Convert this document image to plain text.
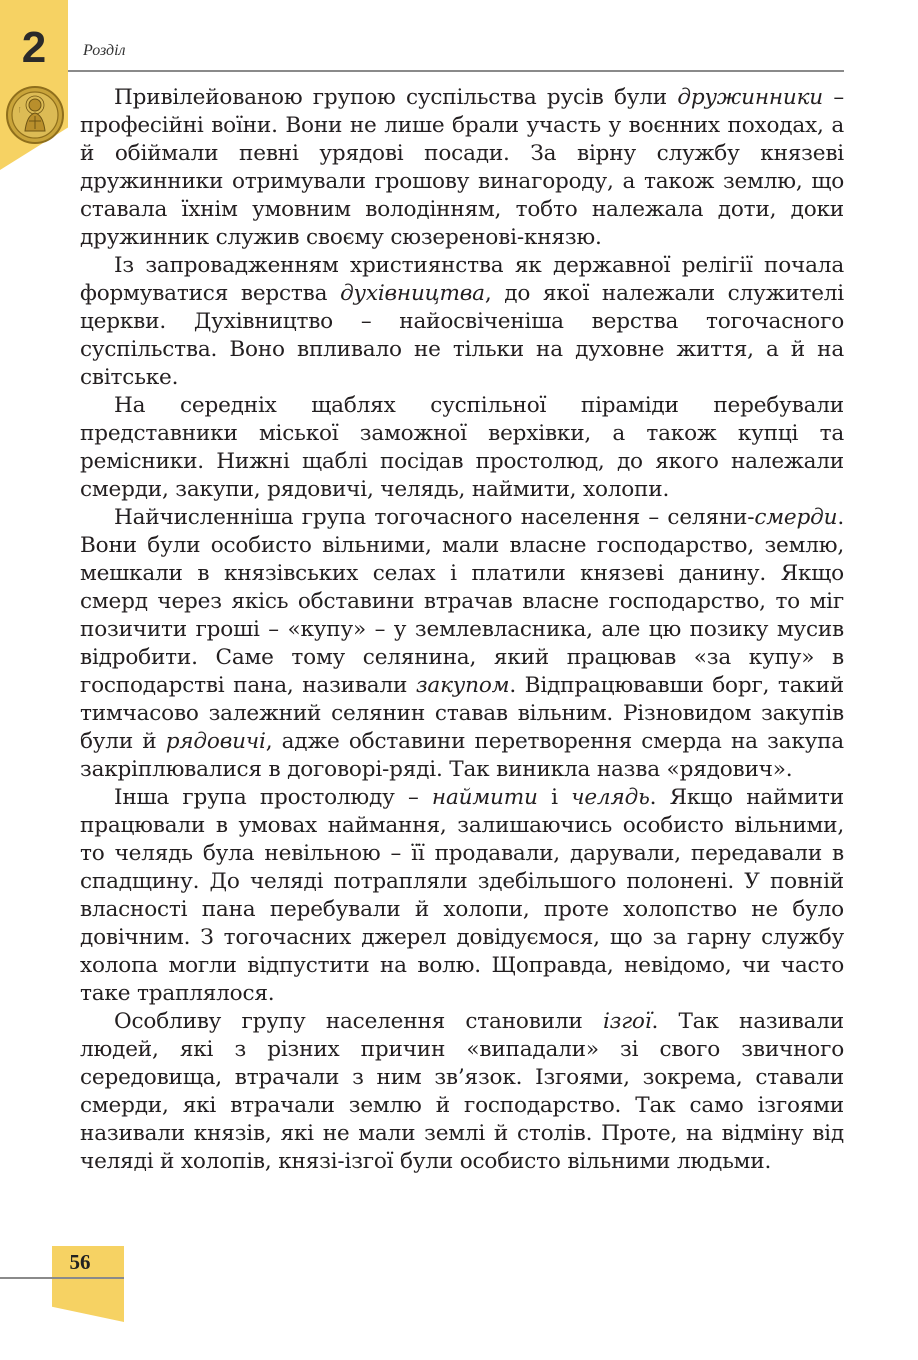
2	Розділ
ᛙ

Привілейованою групою суспільства русів були дружинники – професійні воїни. Вони не лише брали участь у воєнних походах, а й обіймали певні урядові посади. За вірну службу князеві дружинники отримували грошову винагороду, а також землю, що ставала їхнім умовним володінням, тобто належала доти, доки дружинник служив своєму сюзеренові-князю.

Із запровадженням християнства як державної релігії почала формуватися верства духівництва, до якої належали служителі церкви. Духівництво – найосвіченіша верства тогочасного суспільства. Воно впливало не тільки на духовне життя, а й на світське.

На середніх щаблях суспільної піраміди перебували представники міської заможної верхівки, а також купці та ремісники. Нижні щаблі посідав простолюд, до якого належали смерди, закупи, рядовичі, челядь, наймити, холопи.

Найчисленніша група тогочасного населення – селяни-смерди. Вони були особисто вільними, мали власне господарство, землю, мешкали в князівських селах і платили князеві данину. Якщо смерд через якісь обставини втрачав власне господарство, то міг позичити гроші – «купу» – у землевласника, але цю позику мусив відробити. Саме тому селянина, який працював «за купу» в господарстві пана, називали закупом. Відпрацювавши борг, такий тимчасово залежний селянин ставав вільним. Різновидом закупів були й рядовичі, адже обставини перетворення смерда на закупа закріплювалися в договорі-ряді. Так виникла назва «рядович».

Інша група простолюду – наймити і челядь. Якщо наймити працювали в умовах наймання, залишаючись особисто вільними, то челядь була невільною – її продавали, дарували, передавали в спадщину. До челяді потрапляли здебільшого полонені. У повній власності пана перебували й холопи, проте холопство не було довічним. З тогочасних джерел довідуємося, що за гарну службу холопа могли відпустити на волю. Щоправда, невідомо, чи часто таке траплялося.

Особливу групу населення становили ізгої. Так називали людей, які з різних причин «випадали» зі свого звичного середовища, втрачали з ним зв’язок. Ізгоями, зокрема, ставали смерди, які втрачали землю й господарство. Так само ізгоями називали князів, які не мали землі й столів. Проте, на відміну від челяді й холопів, князі-ізгої були особисто вільними людьми.

56
